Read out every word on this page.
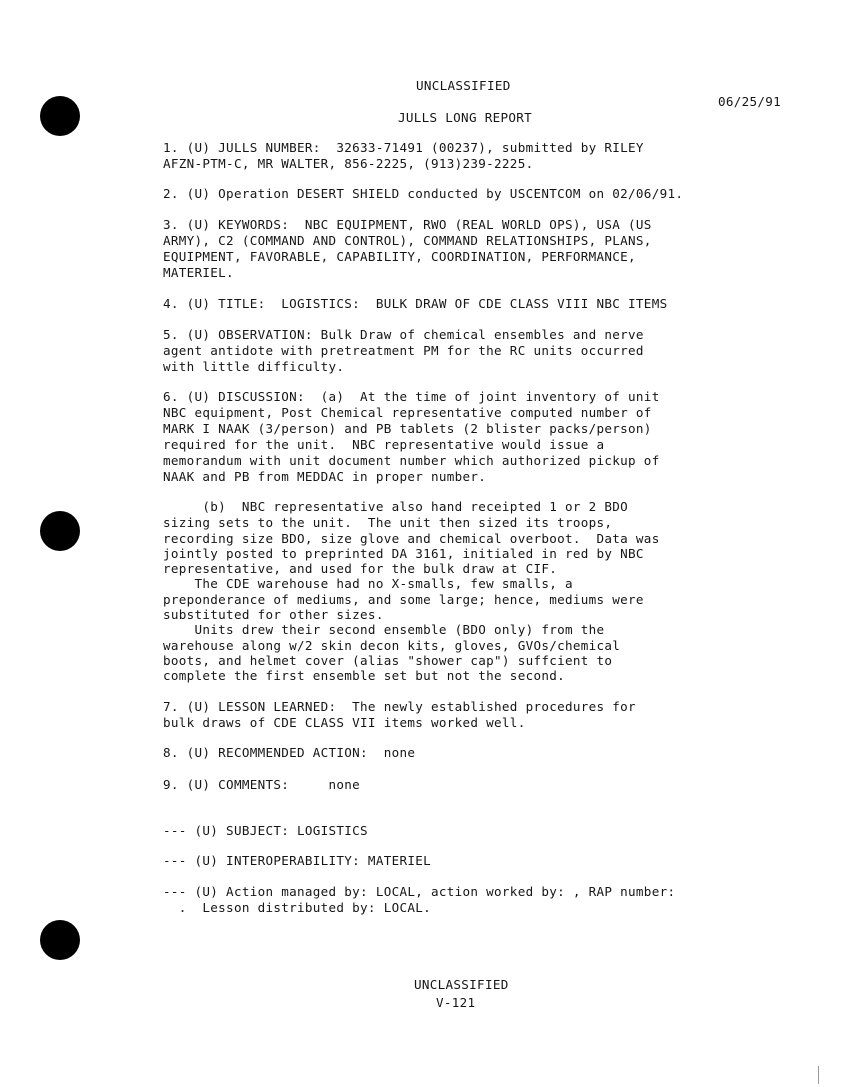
UNCLASSIFIED
06/25/91
JULLS LONG REPORT
1. (U) JULLS NUMBER:  32633-71491 (00237), submitted by RILEY
AFZN-PTM-C, MR WALTER, 856-2225, (913)239-2225.
2. (U) Operation DESERT SHIELD conducted by USCENTCOM on 02/06/91.
3. (U) KEYWORDS:  NBC EQUIPMENT, RWO (REAL WORLD OPS), USA (US
ARMY), C2 (COMMAND AND CONTROL), COMMAND RELATIONSHIPS, PLANS,
EQUIPMENT, FAVORABLE, CAPABILITY, COORDINATION, PERFORMANCE,
MATERIEL.
4. (U) TITLE:  LOGISTICS:  BULK DRAW OF CDE CLASS VIII NBC ITEMS
5. (U) OBSERVATION: Bulk Draw of chemical ensembles and nerve
agent antidote with pretreatment PM for the RC units occurred
with little difficulty.
6. (U) DISCUSSION:  (a)  At the time of joint inventory of unit
NBC equipment, Post Chemical representative computed number of
MARK I NAAK (3/person) and PB tablets (2 blister packs/person)
required for the unit.  NBC representative would issue a
memorandum with unit document number which authorized pickup of
NAAK and PB from MEDDAC in proper number.
(b)  NBC representative also hand receipted 1 or 2 BDO
sizing sets to the unit.  The unit then sized its troops,
recording size BDO, size glove and chemical overboot.  Data was
jointly posted to preprinted DA 3161, initialed in red by NBC
representative, and used for the bulk draw at CIF.
The CDE warehouse had no X-smalls, few smalls, a
preponderance of mediums, and some large; hence, mediums were
substituted for other sizes.
Units drew their second ensemble (BDO only) from the
warehouse along w/2 skin decon kits, gloves, GVOs/chemical
boots, and helmet cover (alias "shower cap") suffcient to
complete the first ensemble set but not the second.
7. (U) LESSON LEARNED:  The newly established procedures for
bulk draws of CDE CLASS VII items worked well.
8. (U) RECOMMENDED ACTION:  none
9. (U) COMMENTS:     none
--- (U) SUBJECT: LOGISTICS
--- (U) INTEROPERABILITY: MATERIEL
--- (U) Action managed by: LOCAL, action worked by: , RAP number:
.  Lesson distributed by: LOCAL.
UNCLASSIFIED
V-121
